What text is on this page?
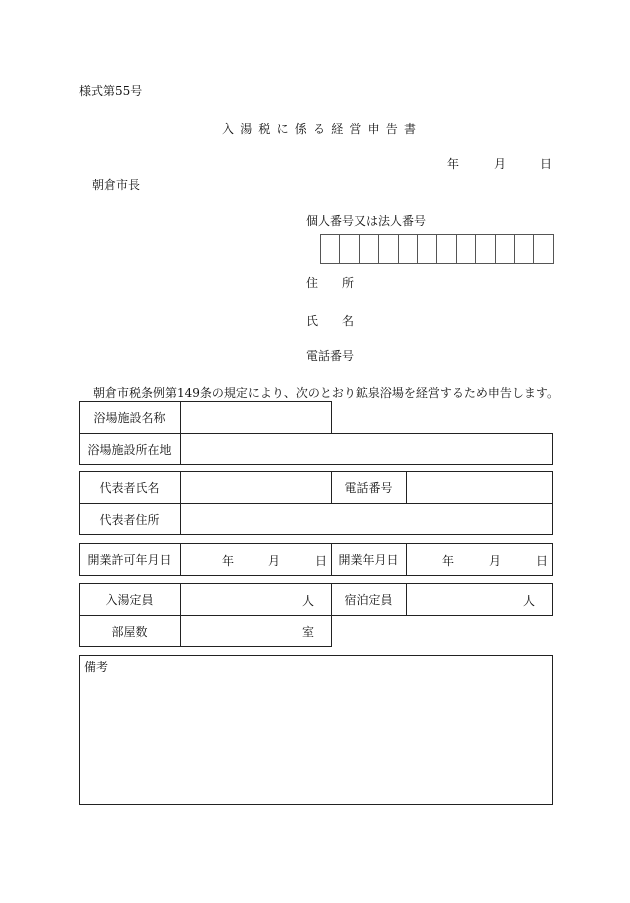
様式第55号
入湯税に係る経営申告書
年	月	日
朝倉市長
個人番号又は法人番号
住　　所
氏　　名
電話番号
朝倉市税条例第149条の規定により、次のとおり鉱泉浴場を経営するため申告します。
浴場施設名称
浴場施設所在地
代表者氏名	電話番号
代表者住所
開業許可年月日	年	月	日 開業年月日	年	月	日
入湯定員	人	宿泊定員	人
部屋数	室
備考
